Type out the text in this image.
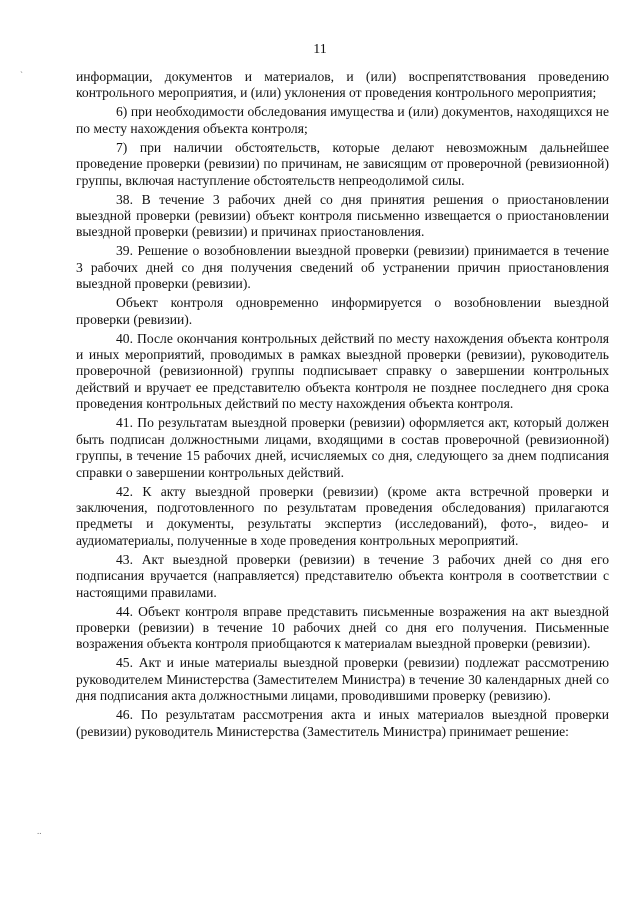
11
ˋ
..

информации, документов и материалов, и (или) воспрепятствования проведению контрольного мероприятия, и (или) уклонения от проведения контрольного мероприятия;

6) при необходимости обследования имущества и (или) документов, находящихся не по месту нахождения объекта контроля;

7) при наличии обстоятельств, которые делают невозможным дальнейшее проведение проверки (ревизии) по причинам, не зависящим от проверочной (ревизионной) группы, включая наступление обстоятельств непреодолимой силы.

38. В течение 3 рабочих дней со дня принятия решения о приостановлении выездной проверки (ревизии) объект контроля письменно извещается о приостановлении выездной проверки (ревизии) и причинах приостановления.

39. Решение о возобновлении выездной проверки (ревизии) принимается в течение 3 рабочих дней со дня получения сведений об устранении причин приостановления выездной проверки (ревизии).

Объект контроля одновременно информируется о возобновлении выездной проверки (ревизии).

40. После окончания контрольных действий по месту нахождения объекта контроля и иных мероприятий, проводимых в рамках выездной проверки (ревизии), руководитель проверочной (ревизионной) группы подписывает справку о завершении контрольных действий и вручает ее представителю объекта контроля не позднее последнего дня срока проведения контрольных действий по месту нахождения объекта контроля.

41. По результатам выездной проверки (ревизии) оформляется акт, который должен быть подписан должностными лицами, входящими в состав проверочной (ревизионной) группы, в течение 15 рабочих дней, исчисляемых со дня, следующего за днем подписания справки о завершении контрольных действий.

42. К акту выездной проверки (ревизии) (кроме акта встречной проверки и заключения, подготовленного по результатам проведения обследования) прилагаются предметы и документы, результаты экспертиз (исследований), фото-, видео- и аудиоматериалы, полученные в ходе проведения контрольных мероприятий.

43. Акт выездной проверки (ревизии) в течение 3 рабочих дней со дня его подписания вручается (направляется) представителю объекта контроля в соответствии с настоящими правилами.

44. Объект контроля вправе представить письменные возражения на акт выездной проверки (ревизии) в течение 10 рабочих дней со дня его получения. Письменные возражения объекта контроля приобщаются к материалам выездной проверки (ревизии).

45. Акт и иные материалы выездной проверки (ревизии) подлежат рассмотрению руководителем Министерства (Заместителем Министра) в течение 30 календарных дней со дня подписания акта должностными лицами, проводившими проверку (ревизию).

46. По результатам рассмотрения акта и иных материалов выездной проверки (ревизии) руководитель Министерства (Заместитель Министра) принимает решение:
